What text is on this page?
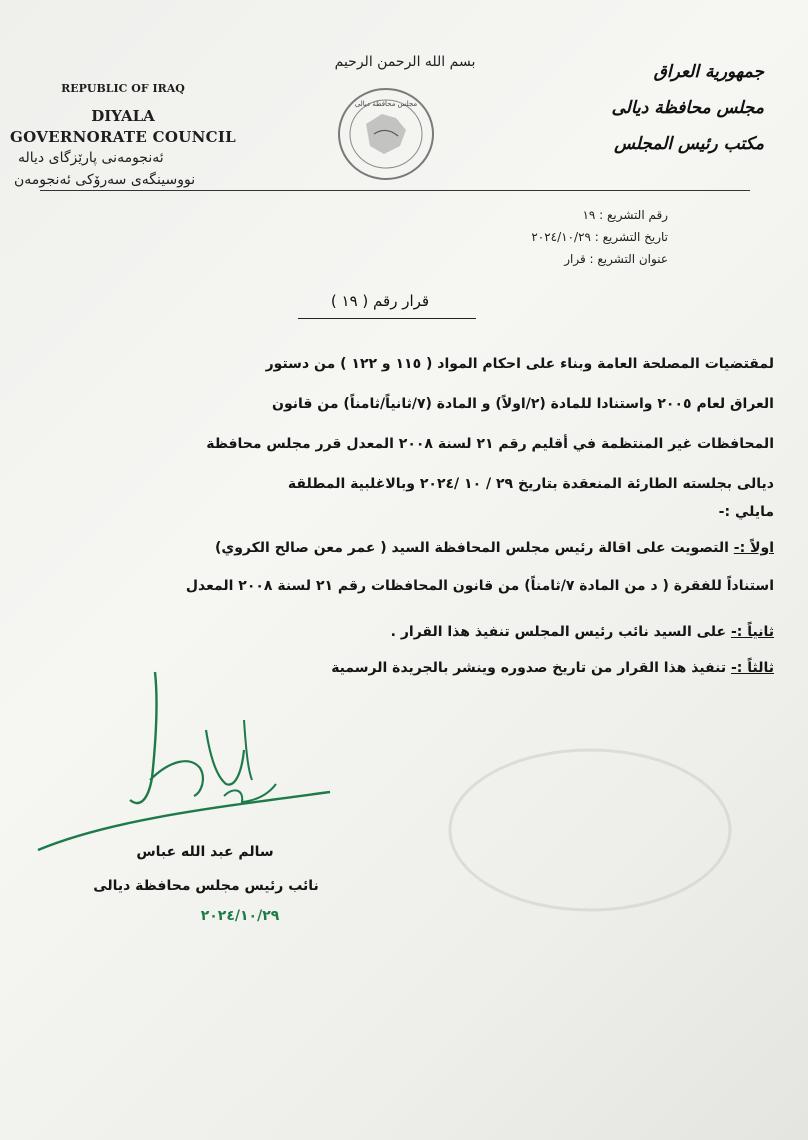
بسم الله الرحمن الرحيم
REPUBLIC OF IRAQ
DIYALA
GOVERNORATE COUNCIL
ئه‌نجومه‌نی پارێزگای دیاله
نووسینگه‌ی سه‌رۆکی ئه‌نجومه‌ن
مجلس محافظة ديالى
جمهورية العراق
مجلس محافظة ديالى
مكتب رئيس المجلس
رقم التشريع : ١٩
تاريخ التشريع : ٢٠٢٤/١٠/٢٩
عنوان التشريع : قرار
قرار رقم ( ١٩ )
لمقتضيات المصلحة العامة وبناء على احكام المواد ( ١١٥ و ١٢٢ ) من دستور
العراق لعام ٢٠٠٥ واستنادا للمادة (٢/اولاً) و المادة (٧/ثانياً/ثامناً) من قانون
المحافظات غير المنتظمة في أقليم رقم ٢١ لسنة ٢٠٠٨ المعدل قرر مجلس محافظة
ديالى بجلسته الطارئة المنعقدة بتاريخ ٢٩ / ١٠ /٢٠٢٤ وبالاغلبية المطلقة
مايلي :-
اولاً :- التصويت على اقالة رئيس مجلس المحافظة السيد ( عمر معن صالح الكروي)
استناداً للفقرة ( د من المادة ٧/ثامناً) من قانون المحافظات رقم ٢١ لسنة ٢٠٠٨ المعدل
ثانياً :- على السيد نائب رئيس المجلس تنفيذ هذا القرار .
ثالثاً :- تنفيذ هذا القرار من تاريخ صدوره وينشر بالجريدة الرسمية
سالم عبد الله عباس
نائب رئيس مجلس محافظة ديالى
٢٠٢٤/١٠/٢٩
